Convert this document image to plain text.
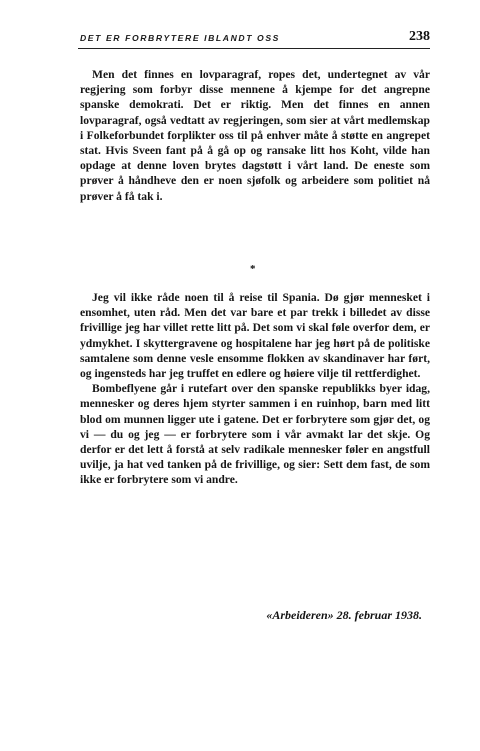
DET ER FORBRYTERE IBLANDT OSS	238

Men det finnes en lovparagraf, ropes det, undertegnet av vår regjering som forbyr disse mennene å kjempe for det angrepne spanske demokrati. Det er riktig. Men det finnes en annen lovparagraf, også vedtatt av regjeringen, som sier at vårt medlemskap i Folkeforbundet forplikter oss til på enhver måte å støtte en angrepet stat. Hvis Sveen fant på å gå op og ransake litt hos Koht, vilde han opdage at denne loven brytes dagstøtt i vårt land. De eneste som prøver å håndheve den er noen sjøfolk og arbeidere som politiet nå prøver å få tak i.

*

Jeg vil ikke råde noen til å reise til Spania. Dø gjør mennesket i ensomhet, uten råd. Men det var bare et par trekk i billedet av disse frivillige jeg har villet rette litt på. Det som vi skal føle overfor dem, er ydmykhet. I skyttergravene og hospitalene har jeg hørt på de politiske samtalene som denne vesle ensomme flokken av skandinaver har ført, og ingensteds har jeg truffet en edlere og høiere vilje til rettferdighet.

Bombeflyene går i rutefart over den spanske republikks byer idag, mennesker og deres hjem styrter sammen i en ruinhop, barn med litt blod om munnen ligger ute i gatene. Det er forbrytere som gjør det, og vi — du og jeg — er forbrytere som i vår avmakt lar det skje. Og derfor er det lett å forstå at selv radikale mennesker føler en angstfull uvilje, ja hat ved tanken på de frivillige, og sier: Sett dem fast, de som ikke er forbrytere som vi andre.

«Arbeideren» 28. februar 1938.
